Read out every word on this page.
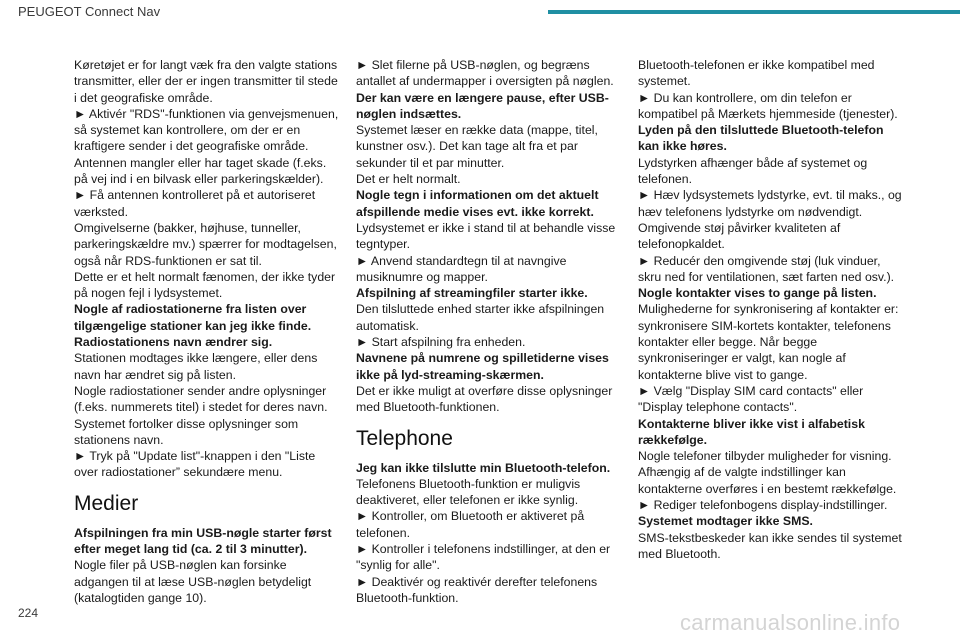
PEUGEOT Connect Nav

Køretøjet er for langt væk fra den valgte stations transmitter, eller der er ingen transmitter til stede i det geografiske område.

► Aktivér "RDS"-funktionen via genvejsmenuen, så systemet kan kontrollere, om der er en kraftigere sender i det geografiske område.

Antennen mangler eller har taget skade (f.eks. på vej ind i en bilvask eller parkeringskælder).

► Få antennen kontrolleret på et autoriseret værksted.

Omgivelserne (bakker, højhuse, tunneller, parkeringskældre mv.) spærrer for modtagelsen, også når RDS-funktionen er sat til.

Dette er et helt normalt fænomen, der ikke tyder på nogen fejl i lydsystemet.

Nogle af radiostationerne fra listen over tilgængelige stationer kan jeg ikke finde.

Radiostationens navn ændrer sig.

Stationen modtages ikke længere, eller dens navn har ændret sig på listen.

Nogle radiostationer sender andre oplysninger (f.eks. nummerets titel) i stedet for deres navn.

Systemet fortolker disse oplysninger som stationens navn.

► Tryk på "Update list"-knappen i den "Liste over radiostationer” sekundære menu.

Medier

Afspilningen fra min USB-nøgle starter først efter meget lang tid (ca. 2 til 3 minutter).

Nogle filer på USB-nøglen kan forsinke adgangen til at læse USB-nøglen betydeligt (katalogtiden gange 10).

► Slet filerne på USB-nøglen, og begræns antallet af undermapper i oversigten på nøglen.

Der kan være en længere pause, efter USB-nøglen indsættes.

Systemet læser en række data (mappe, titel, kunstner osv.). Det kan tage alt fra et par sekunder til et par minutter.

Det er helt normalt.

Nogle tegn i informationen om det aktuelt afspillende medie vises evt. ikke korrekt.

Lydsystemet er ikke i stand til at behandle visse tegntyper.

► Anvend standardtegn til at navngive musiknumre og mapper.

Afspilning af streamingfiler starter ikke.

Den tilsluttede enhed starter ikke afspilningen automatisk.

► Start afspilning fra enheden.

Navnene på numrene og spilletiderne vises ikke på lyd-streaming-skærmen.

Det er ikke muligt at overføre disse oplysninger med Bluetooth-funktionen.

Telephone

Jeg kan ikke tilslutte min Bluetooth-telefon.

Telefonens Bluetooth-funktion er muligvis deaktiveret, eller telefonen er ikke synlig.

► Kontroller, om Bluetooth er aktiveret på telefonen.

► Kontroller i telefonens indstillinger, at den er "synlig for alle".

► Deaktivér og reaktivér derefter telefonens Bluetooth-funktion.

Bluetooth-telefonen er ikke kompatibel med systemet.

► Du kan kontrollere, om din telefon er kompatibel på Mærkets hjemmeside (tjenester).

Lyden på den tilsluttede Bluetooth-telefon kan ikke høres.

Lydstyrken afhænger både af systemet og telefonen.

► Hæv lydsystemets lydstyrke, evt. til maks., og hæv telefonens lydstyrke om nødvendigt.

Omgivende støj påvirker kvaliteten af telefonopkaldet.

► Reducér den omgivende støj (luk vinduer, skru ned for ventilationen, sæt farten ned osv.).

Nogle kontakter vises to gange på listen.

Mulighederne for synkronisering af kontakter er: synkronisere SIM-kortets kontakter, telefonens kontakter eller begge. Når begge synkroniseringer er valgt, kan nogle af kontakterne blive vist to gange.

► Vælg "Display SIM card contacts" eller "Display telephone contacts".

Kontakterne bliver ikke vist i alfabetisk rækkefølge.

Nogle telefoner tilbyder muligheder for visning. Afhængig af de valgte indstillinger kan kontakterne overføres i en bestemt rækkefølge.

► Rediger telefonbogens display-indstillinger.

Systemet modtager ikke SMS.

SMS-tekstbeskeder kan ikke sendes til systemet med Bluetooth.

224	carmanualsonline.info
